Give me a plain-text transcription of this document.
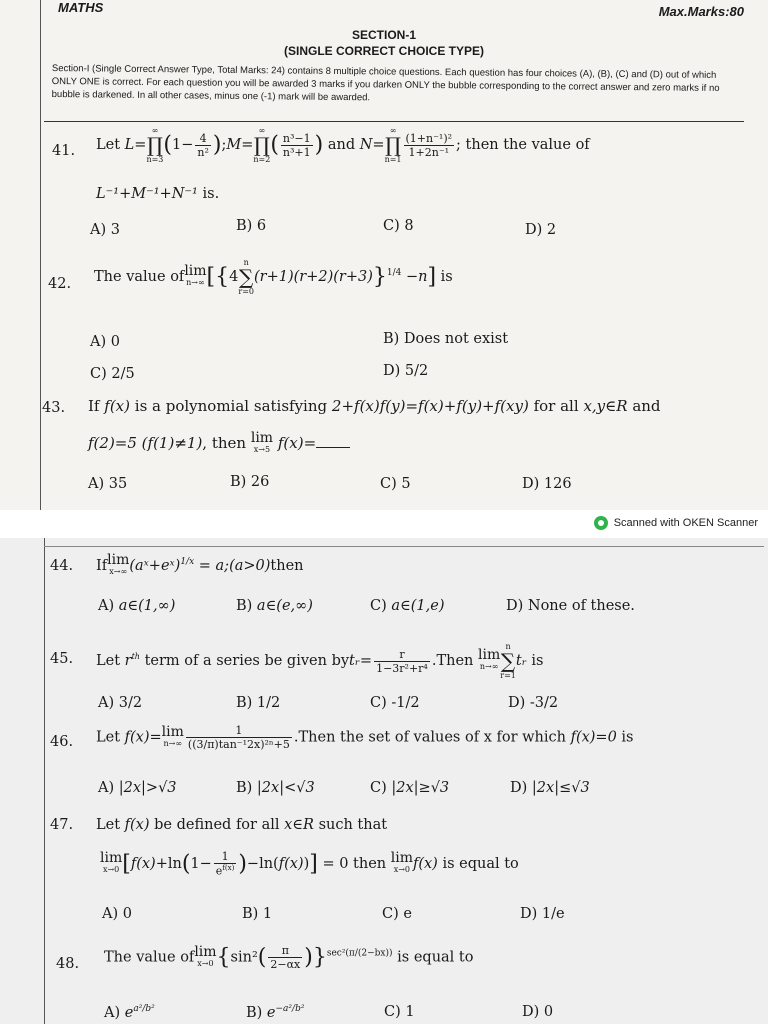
MATHS	Max.Marks:80
SECTION-1
(SINGLE CORRECT CHOICE TYPE)
Section-I (Single Correct Answer Type, Total Marks: 24) contains 8 multiple choice questions. Each question has four choices (A), (B), (C) and (D) out of which ONLY ONE is correct. For each question you will be awarded 3 marks if you darken ONLY the bubble corresponding to the correct answer and zero marks if no bubble is darkened. In all other cases, minus one (-1) mark will be awarded.
41. Let L=∞
∏
$n=3(1- \frac{4}{\text{n²}}$ );M=∞
∏
$n=2( \frac{\text{n³−1}}{\text{n³+1}}$ ) and N=∞
∏
n=1
$\frac{\text{(1+n⁻¹)²}}{\text{1+2n⁻¹}}$ ; then the value of
L⁻¹+M⁻¹+N⁻¹ is.
A) 3	B) 6	C) 8	D) 2
42. The value of lim
n→∞ [{4n
∑
r=0(r+1)(r+2)(r+3)}$^{1/4}$ −n] is
A) 0	B) Does not exist
C) 2/5	D) 5/2
43. If f(x) is a polynomial satisfying 2+f(x)f(y)=f(x)+f(y)+f(xy) for all x,y∈R and
f(2)=5 (f(1)≠1), then lim
x→5 f(x)=
A) 35	B) 26	C) 5	D) 126
Scanned with OKEN Scanner
44. If lim
x→∞ (aˣ+eˣ)$^{1/x}$ = a;(a>0)then
A) a∈(1,∞)	B) a∈(e,∞)	C) a∈(1,e)	D) None of these.
45. Let $r^{th}$ term of a series be given bytᵣ= $\frac{r}{\text{1−3r²+r⁴}}$ .Then lim
n→∞
n
∑
r=1tᵣ is
A) 3/2	B) 1/2	C) -1/2	D) -3/2
46. Let f(x)= lim
$n\to\infty \frac{1}{\text{((3/π)tan⁻¹2x)²ⁿ+5}}$ .Then the set of values of x for which f(x)=0 is
A) |2x|>√3	B) |2x|<√3	C) |2x|≥√3	D) |2x|≤√3
47. Let f(x) be defined for all x∈R such that
lim
x→0 $[f(x)+\ln(1- \frac{1}{e^{f(x)}} )-\ln(f(x))] = 0$ then lim
x→0 f(x) is equal to
A) 0	B) 1	C) e	D) 1/e
48. The value of lim
x→0 $\{\sin^2( \frac{\pi}{2-\alpha x} )\}^{sec^2(\pi/(2-bx))}$ is equal to
A) $e^{a^2/b^2}$	B) $e^{-a^2/b^2}$	C) 1	D) 0
